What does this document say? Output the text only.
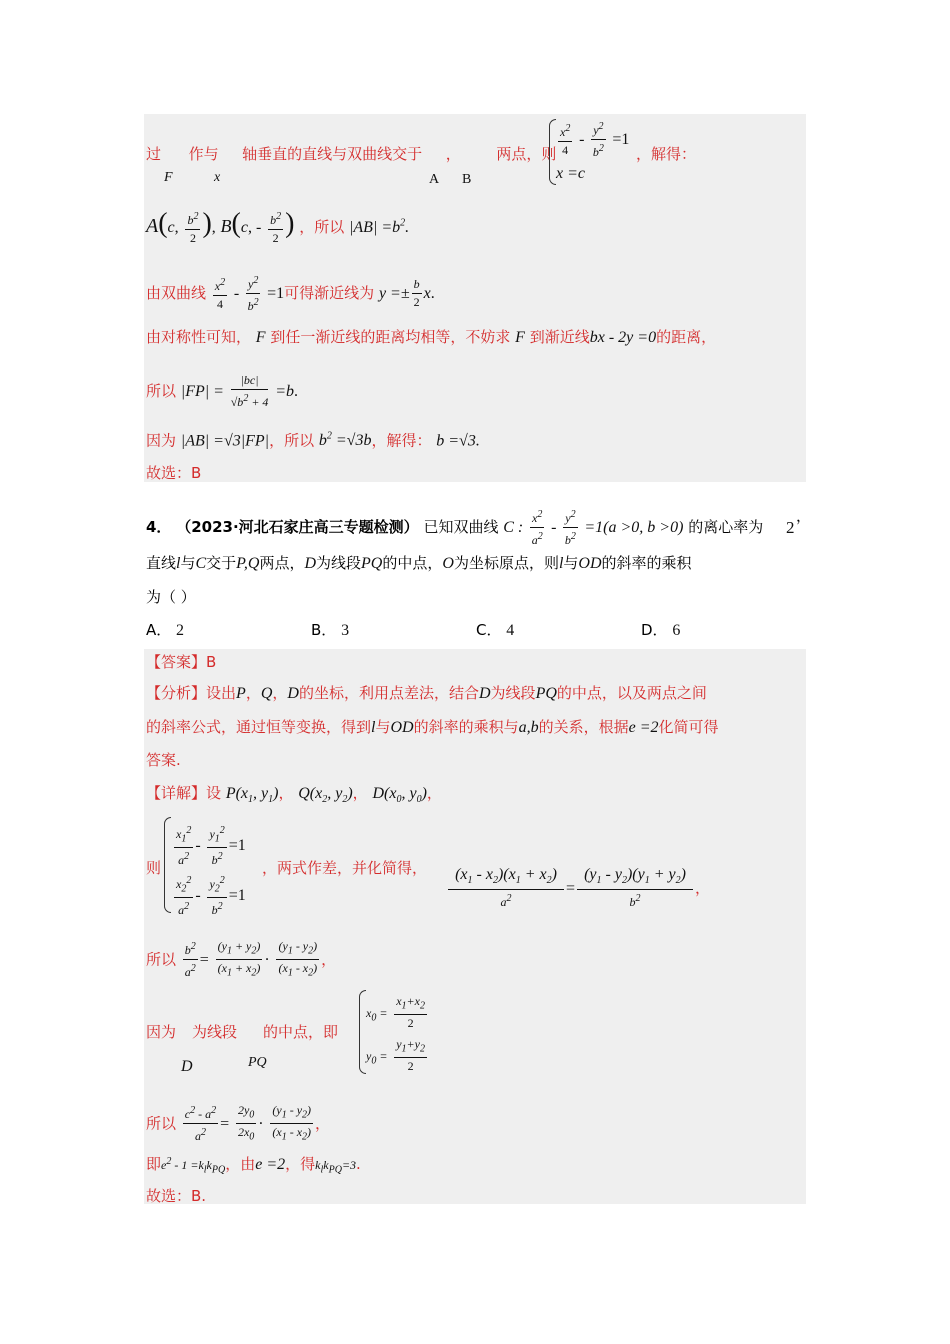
过 作与 轴垂直的直线与双曲线交于 ， 两点，则
F	x	A B
$\frac{x^2}{4} - \frac{y^2}{b^2} =1$
x =c
，解得：
A(c, $\frac{b^2}{2}$ ), B(c, - $\frac{b^2}{2}$ ) ，所以 $|AB| =b^2$.
由双曲线 $\frac{x^2}{4} - \frac{y^2}{b^2} =1$可得渐近线为 $y =\pm \frac{b}{2} x$.
由对称性可知， F 到任一渐近线的距离均相等，不妨求 F 到渐近线bx - 2y =0的距离，
所以 $|FP| = \frac{|bc|}{√b^2 + 4} =b$.
因为 |AB| =√3|FP|，所以 $b^2 =√3b$，解得： b =√3.
故选：B
4． （2023·河北石家庄高三专题检测） 已知双曲线 C : $\frac{x^2}{a^2} - \frac{y^2}{b^2} =1(a >0$, b >0) 的离心率为 2
，
直线l与C交于P,Q两点，D为线段PQ的中点，O为坐标原点，则l与OD的斜率的乘积
为（ ）
A． 2	B． 3	C． 4	D． 6
【答案】B
【分析】设出P，Q，D的坐标，利用点差法，结合D为线段PQ的中点，以及两点之间
的斜率公式，通过恒等变换，得到l与OD的斜率的乘积与a,b的关系，根据e =2化简可得
答案.
【详解】设 $P(x_1$, $y_1$)， $Q(x_2$, $y_2$)， $D(x_0$, $y_0$)，
$\frac{x_1^2}{a^2} - \frac{y_1^2}{b^2} =1$
$\frac{x_2^2}{a^2} - \frac{y_2^2}{b^2} =1$
则	，两式作差，并化简得， $\frac{(x_1 - x_2)(x_1 + x_2)}{a^2} = \frac{(y_1 - y_2)(y_1 + y_2)}{b^2}$ ，
所以 $\frac{b^2}{a^2} = \frac{(y_1 + y_2)}{(x_1 + x_2)} \cdot \frac{(y_1 - y_2)}{(x_1 - x_2)}$ ，
因为 为线段 的中点，即
D	PQ
$x_0 = \frac{x_1+x_2}{2}$
$y_0 = \frac{y_1+y_2}{2}$
所以 $\frac{c^2 - a^2}{a^2} = \frac{2y_0}{2x_0} \cdot \frac{(y_1 - y_2)}{(x_1 - x_2)}$ ，
即$e^2 - 1 =k_lk_{PQ}$，由e =2，得$k_lk_{PQ}=3$.
故选：B.
